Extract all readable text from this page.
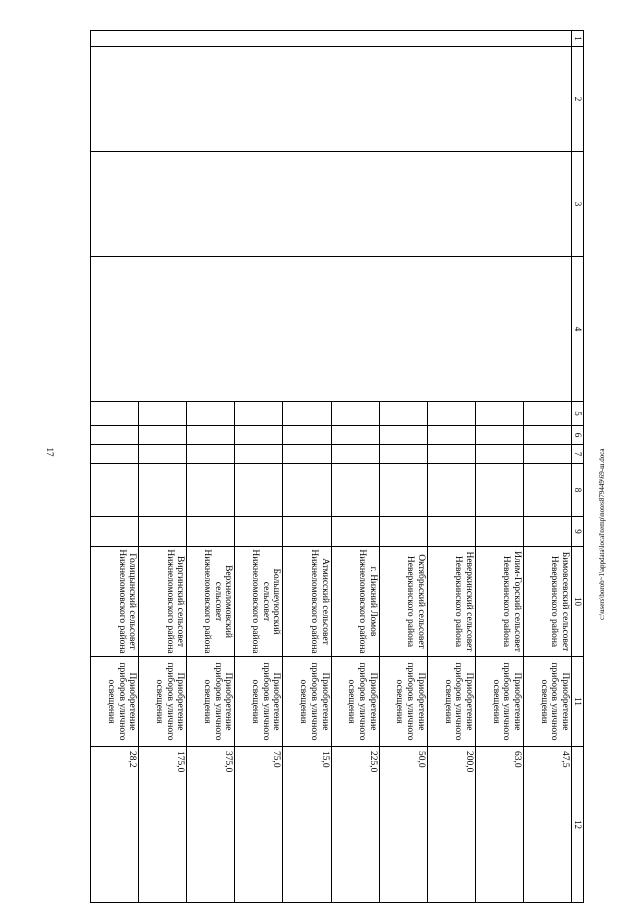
17	c:\users\borob~1\appdata\local\temp\notes879449\69-ш.doca
1	2	3	4	5	6	7	8	9	10	11	12
									Бимовсевский сельсовет Неверкинского района	Приобретение приборов уличного освещения	47,5
									Илим-Горский сельсовет Неверкинского района	Приобретение приборов уличного освещения	63,0
									Неверкинский сельсовет Неверкинского района	Приобретение приборов уличного освещения	200,0
									Октябрьский сельсовет Неверкинского района	Приобретение приборов уличного освещения	50,0
									г. Нижний Ломов Нижнеломовского района	Приобретение приборов уличного освещения	225,0
									Атмисский сельсовет Нижнеломовского района	Приобретение приборов уличного освещения	15,0
									Большеуюрский сельсовет Нижнеломовского района	Приобретение приборов уличного освещения	75,0
									Верхнеломовский сельсовет Нижнеломовского района	Приобретение приборов уличного освещения	375,0
									Виргинский сельсовет Нижнеломовского района	Приобретение приборов уличного освещения	175,0
									Голицынский сельсовет Нижнеломовского района	Приобретение приборов уличного освещения	28,2
